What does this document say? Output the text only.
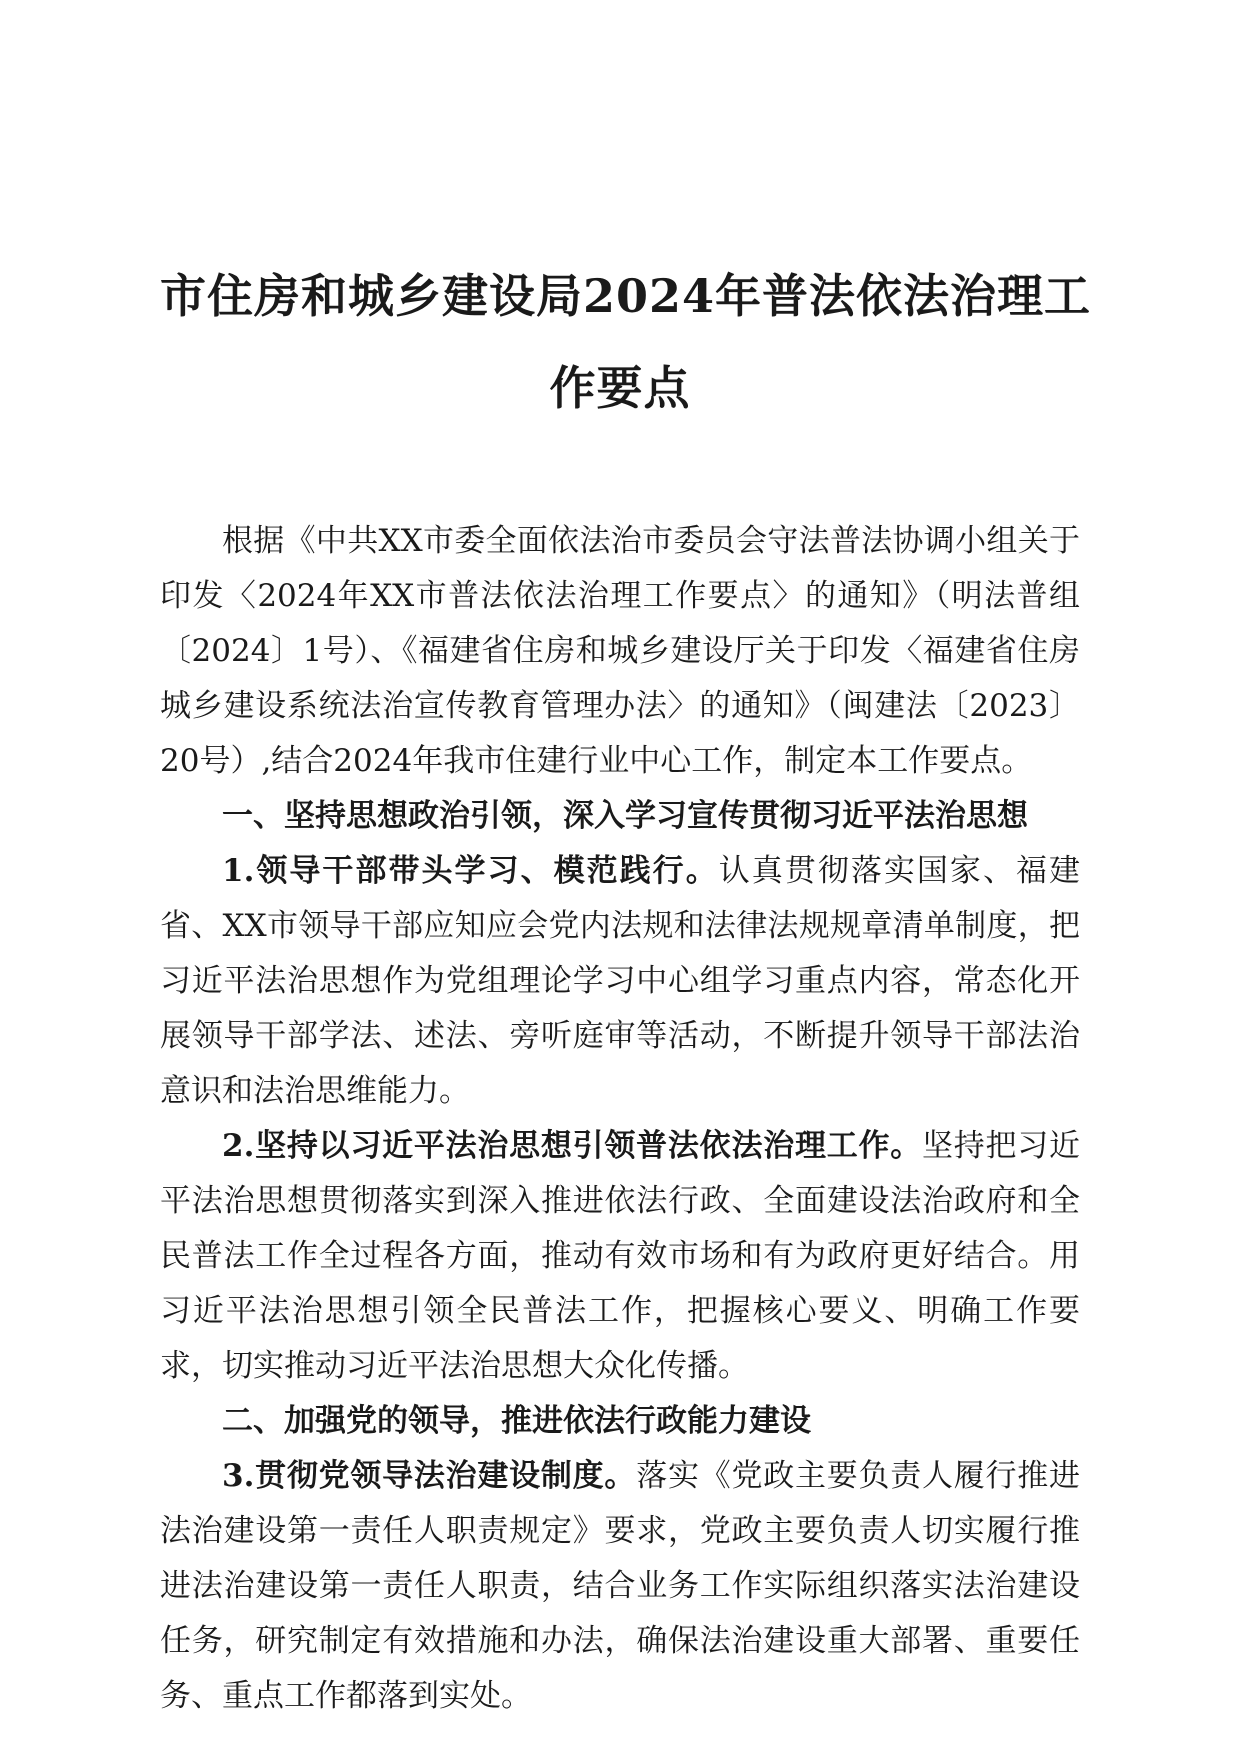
市住房和城乡建设局2024年普法依法治理工
作要点

根据《中共XX市委全面依法治市委员会守法普法协调小组关于印发〈2024年XX市普法依法治理工作要点〉的通知》（明法普组〔2024〕1号）、《福建省住房和城乡建设厅关于印发〈福建省住房城乡建设系统法治宣传教育管理办法〉的通知》（闽建法〔2023〕20号）,结合2024年我市住建行业中心工作，制定本工作要点。

一、坚持思想政治引领，深入学习宣传贯彻习近平法治思想

1.领导干部带头学习、模范践行。认真贯彻落实国家、福建省、XX市领导干部应知应会党内法规和法律法规规章清单制度，把习近平法治思想作为党组理论学习中心组学习重点内容，常态化开展领导干部学法、述法、旁听庭审等活动，不断提升领导干部法治意识和法治思维能力。

2.坚持以习近平法治思想引领普法依法治理工作。坚持把习近平法治思想贯彻落实到深入推进依法行政、全面建设法治政府和全民普法工作全过程各方面，推动有效市场和有为政府更好结合。用习近平法治思想引领全民普法工作，把握核心要义、明确工作要求，切实推动习近平法治思想大众化传播。

二、加强党的领导，推进依法行政能力建设

3.贯彻党领导法治建设制度。落实《党政主要负责人履行推进法治建设第一责任人职责规定》要求，党政主要负责人切实履行推进法治建设第一责任人职责，结合业务工作实际组织落实法治建设任务，研究制定有效措施和办法，确保法治建设重大部署、重要任务、重点工作都落到实处。
